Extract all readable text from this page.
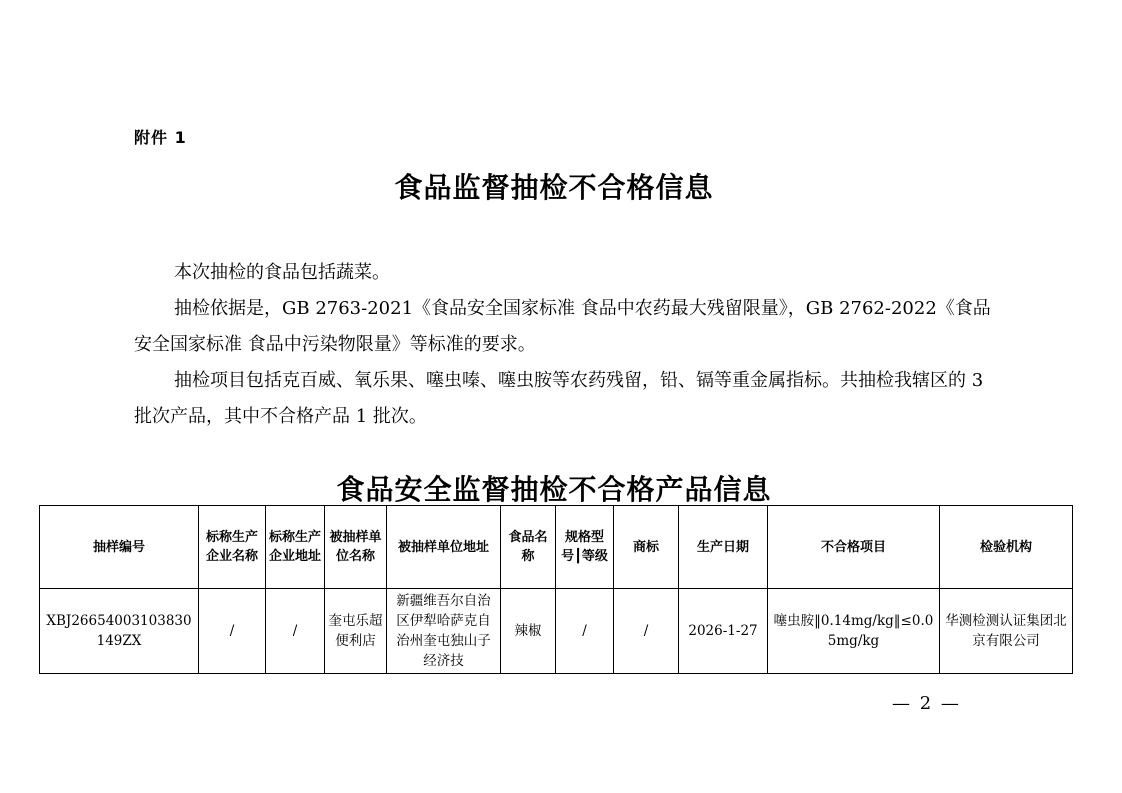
附件 1
食品监督抽检不合格信息
本次抽检的食品包括蔬菜。
抽检依据是，GB 2763-2021《食品安全国家标准 食品中农药最大残留限量》，GB 2762-2022《食品安全国家标准 食品中污染物限量》等标准的要求。
抽检项目包括克百威、氧乐果、噻虫嗪、噻虫胺等农药残留，铅、镉等重金属指标。共抽检我辖区的 3 批次产品，其中不合格产品 1 批次。
食品安全监督抽检不合格产品信息
抽样编号	标称生产企业名称	标称生产企业地址	被抽样单位名称	被抽样单位地址	食品名称	规格型号┃等级	商标	生产日期	不合格项目	检验机构

XBJ26654003103830149ZX	/	/	奎屯乐超便利店	新疆维吾尔自治区伊犁哈萨克自治州奎屯独山子经济技	辣椒	/	/	2026-1-27	噻虫胺‖0.14mg/kg‖≤0.05mg/kg	华测检测认证集团北京有限公司
— 2 —
